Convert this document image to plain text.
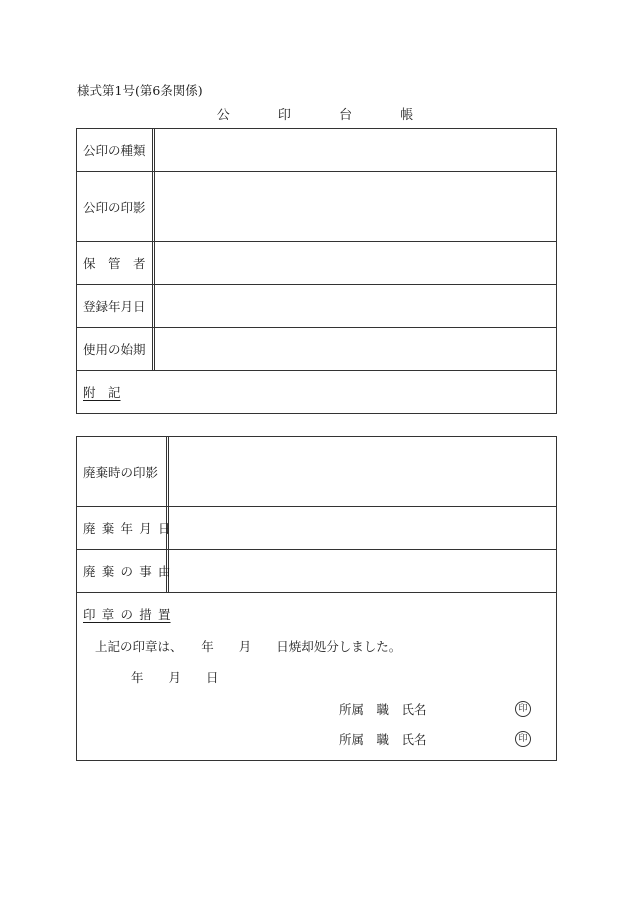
様式第1号(第6条関係)
公	印	台	帳
公印の種類
公印の印影
保　管　者
登録年月日
使用の始期
附　記
廃棄時の印影
廃 棄 年 月 日
廃 棄 の 事 由
印 章 の 措 置
上記の印章は、　　年　　月　　日焼却処分しました。
年　　月　　日
所属　職　氏名	印
所属　職　氏名	印
